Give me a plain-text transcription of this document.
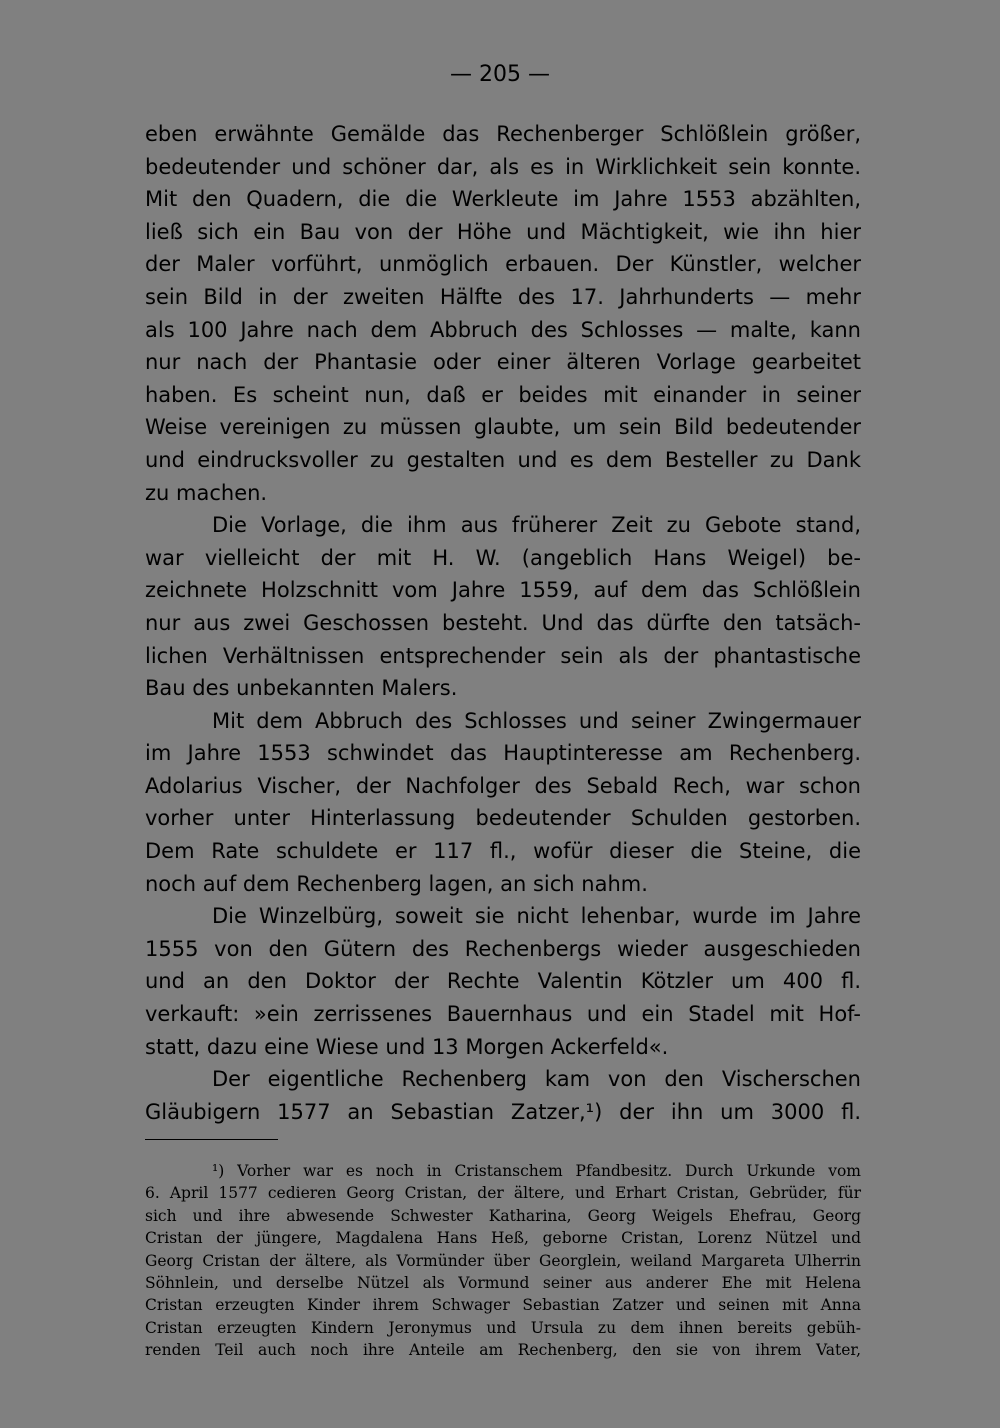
— 205 —

eben erwähnte Gemälde das Rechenberger Schlößlein größer,
bedeutender und schöner dar, als es in Wirklichkeit sein konnte.
Mit den Quadern, die die Werkleute im Jahre 1553 abzählten,
ließ sich ein Bau von der Höhe und Mächtigkeit, wie ihn hier
der Maler vorführt, unmöglich erbauen. Der Künstler, welcher
sein Bild in der zweiten Hälfte des 17. Jahrhunderts — mehr
als 100 Jahre nach dem Abbruch des Schlosses — malte, kann
nur nach der Phantasie oder einer älteren Vorlage gearbeitet
haben. Es scheint nun, daß er beides mit einander in seiner
Weise vereinigen zu müssen glaubte, um sein Bild bedeutender
und eindrucksvoller zu gestalten und es dem Besteller zu Dank
zu machen.

Die Vorlage, die ihm aus früherer Zeit zu Gebote stand,
war vielleicht der mit H. W. (angeblich Hans Weigel) be-
zeichnete Holzschnitt vom Jahre 1559, auf dem das Schlößlein
nur aus zwei Geschossen besteht. Und das dürfte den tatsäch-
lichen Verhältnissen entsprechender sein als der phantastische
Bau des unbekannten Malers.

Mit dem Abbruch des Schlosses und seiner Zwingermauer
im Jahre 1553 schwindet das Hauptinteresse am Rechenberg.
Adolarius Vischer, der Nachfolger des Sebald Rech, war schon
vorher unter Hinterlassung bedeutender Schulden gestorben.
Dem Rate schuldete er 117 fl., wofür dieser die Steine, die
noch auf dem Rechenberg lagen, an sich nahm.

Die Winzelbürg, soweit sie nicht lehenbar, wurde im Jahre
1555 von den Gütern des Rechenbergs wieder ausgeschieden
und an den Doktor der Rechte Valentin Kötzler um 400 fl.
verkauft: »ein zerrissenes Bauernhaus und ein Stadel mit Hof-
statt, dazu eine Wiese und 13 Morgen Ackerfeld«.

Der eigentliche Rechenberg kam von den Vischerschen
Gläubigern 1577 an Sebastian Zatzer,¹) der ihn um 3000 fl.

¹) Vorher war es noch in Cristanschem Pfandbesitz. Durch Urkunde vom
6. April 1577 cedieren Georg Cristan, der ältere, und Erhart Cristan, Gebrüder, für
sich und ihre abwesende Schwester Katharina, Georg Weigels Ehefrau, Georg
Cristan der jüngere, Magdalena Hans Heß, geborne Cristan, Lorenz Nützel und
Georg Cristan der ältere, als Vormünder über Georglein, weiland Margareta Ulherrin
Söhnlein, und derselbe Nützel als Vormund seiner aus anderer Ehe mit Helena
Cristan erzeugten Kinder ihrem Schwager Sebastian Zatzer und seinen mit Anna
Cristan erzeugten Kindern Jeronymus und Ursula zu dem ihnen bereits gebüh-
renden Teil auch noch ihre Anteile am Rechenberg, den sie von ihrem Vater,
